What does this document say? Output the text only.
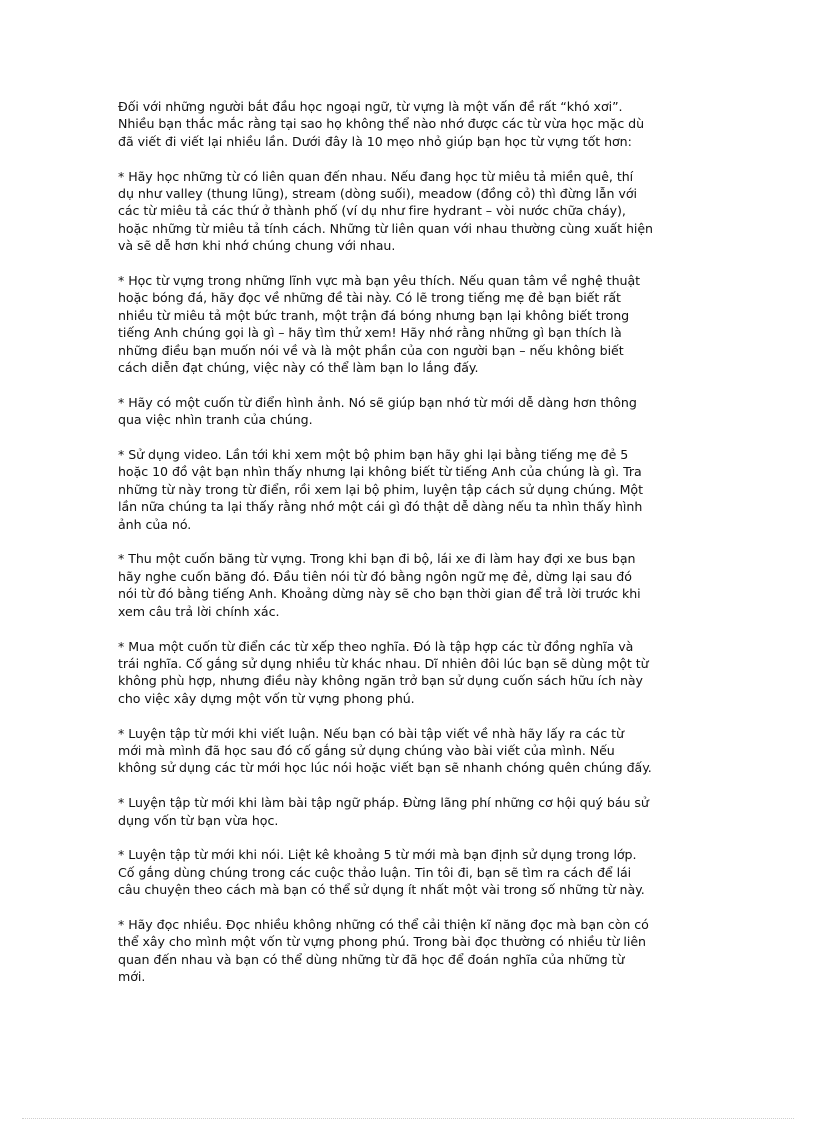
Đối với những người bắt đầu học ngoại ngữ, từ vựng là một vấn đề rất “khó xơi”.
Nhiều bạn thắc mắc rằng tại sao họ không thể nào nhớ được các từ vừa học mặc dù
đã viết đi viết lại nhiều lần. Dưới đây là 10 mẹo nhỏ giúp bạn học từ vựng tốt hơn:

* Hãy học những từ có liên quan đến nhau. Nếu đang học từ miêu tả miền quê, thí
dụ như valley (thung lũng), stream (dòng suối), meadow (đồng cỏ) thì đừng lẫn với
các từ miêu tả các thứ ở thành phố (ví dụ như fire hydrant – vòi nước chữa cháy),
hoặc những từ miêu tả tính cách. Những từ liên quan với nhau thường cùng xuất hiện
và sẽ dễ hơn khi nhớ chúng chung với nhau.

* Học từ vựng trong những lĩnh vực mà bạn yêu thích. Nếu quan tâm về nghệ thuật
hoặc bóng đá, hãy đọc về những đề tài này. Có lẽ trong tiếng mẹ đẻ bạn biết rất
nhiều từ miêu tả một bức tranh, một trận đá bóng nhưng bạn lại không biết trong
tiếng Anh chúng gọi là gì – hãy tìm thử xem! Hãy nhớ rằng những gì bạn thích là
những điều bạn muốn nói về và là một phần của con người bạn – nếu không biết
cách diễn đạt chúng, việc này có thể làm bạn lo lắng đấy.

* Hãy có một cuốn từ điển hình ảnh. Nó sẽ giúp bạn nhớ từ mới dễ dàng hơn thông
qua việc nhìn tranh của chúng.

* Sử dụng video. Lần tới khi xem một bộ phim bạn hãy ghi lại bằng tiếng mẹ đẻ 5
hoặc 10 đồ vật bạn nhìn thấy nhưng lại không biết từ tiếng Anh của chúng là gì. Tra
những từ này trong từ điển, rồi xem lại bộ phim, luyện tập cách sử dụng chúng. Một
lần nữa chúng ta lại thấy rằng nhớ một cái gì đó thật dễ dàng nếu ta nhìn thấy hình
ảnh của nó.

* Thu một cuốn băng từ vựng. Trong khi bạn đi bộ, lái xe đi làm hay đợi xe bus bạn
hãy nghe cuốn băng đó. Đầu tiên nói từ đó bằng ngôn ngữ mẹ đẻ, dừng lại sau đó
nói từ đó bằng tiếng Anh. Khoảng dừng này sẽ cho bạn thời gian để trả lời trước khi
xem câu trả lời chính xác.

* Mua một cuốn từ điển các từ xếp theo nghĩa. Đó là tập hợp các từ đồng nghĩa và
trái nghĩa. Cố gắng sử dụng nhiều từ khác nhau. Dĩ nhiên đôi lúc bạn sẽ dùng một từ
không phù hợp, nhưng điều này không ngăn trở bạn sử dụng cuốn sách hữu ích này
cho việc xây dựng một vốn từ vựng phong phú.

* Luyện tập từ mới khi viết luận. Nếu bạn có bài tập viết về nhà hãy lấy ra các từ
mới mà mình đã học sau đó cố gắng sử dụng chúng vào bài viết của mình. Nếu
không sử dụng các từ mới học lúc nói hoặc viết bạn sẽ nhanh chóng quên chúng đấy.

* Luyện tập từ mới khi làm bài tập ngữ pháp. Đừng lãng phí những cơ hội quý báu sử
dụng vốn từ bạn vừa học.

* Luyện tập từ mới khi nói. Liệt kê khoảng 5 từ mới mà bạn định sử dụng trong lớp.
Cố gắng dùng chúng trong các cuộc thảo luận. Tin tôi đi, bạn sẽ tìm ra cách để lái
câu chuyện theo cách mà bạn có thể sử dụng ít nhất một vài trong số những từ này.

* Hãy đọc nhiều. Đọc nhiều không những có thể cải thiện kĩ năng đọc mà bạn còn có
thể xây cho mình một vốn từ vựng phong phú. Trong bài đọc thường có nhiều từ liên
quan đến nhau và bạn có thể dùng những từ đã học để đoán nghĩa của những từ
mới.
